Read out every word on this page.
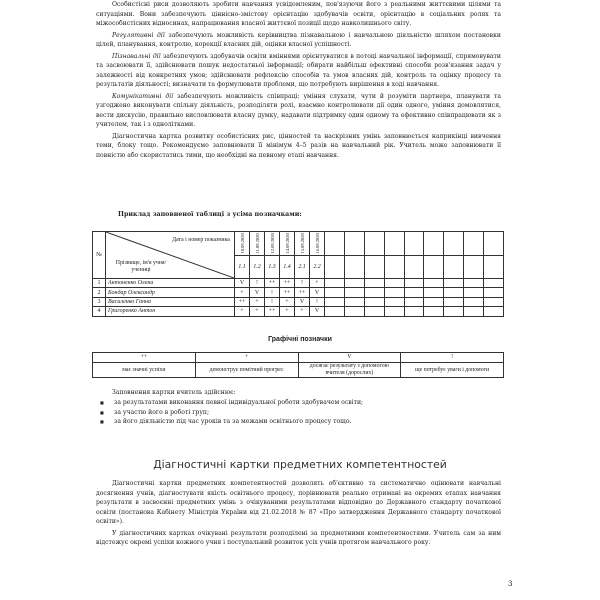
Особистісні риси дозволяють зробити навчання усвідомленим, пов'язуючи його з реальними життєвими цілями та ситуаціями. Вони забезпечують ціннісно-змістову орієнтацію здобувачів освіти, орієнтацію в соціальних ролях та міжособистісних відносинах, напрацювання власної життєвої позиції щодо навколишнього світу.

Регулятивні дії забезпечують можливість керівництва пізнавальною і навчальною діяльністю шляхом постановки цілей, планування, контролю, корекції власних дій, оцінки власної успішності.

Пізнавальні дії забезпечують здобувачів освіти вміннями орієнтуватися в потоці навчальної інформації, спрямовувати та засвоювати її, здійснювати пошук недостатньої інформації; обирати найбільш ефективні способи розв'язання задач у залежності від конкретних умов; здійснювати рефлексію способів та умов власних дій, контроль та оцінку процесу та результатів діяльності; визначати та формулювати проблеми, що потребують вирішення в ході навчання.

Комунікативні дії забезпечують можливість співпраці: уміння слухати, чути й розуміти партнера, планувати та узгоджено виконувати спільну діяльність, розподіляти ролі, взаємно контролювати дії один одного, уміння домовлятися, вести дискусію, правильно висловлювати власну думку, надавати підтримку один одному та ефективно співпрацювати як з учителем, так і з однолітками.

Діагностична картка розвитку особистісних рис, цінностей та наскрізних умінь заповнюється наприкінці вивчення теми, блоку тощо. Рекомендуємо заповнювати її мінімум 4–5 разів на навчальний рік. Учитель може заповнювати її повністю або скористатись тими, що необхідні на певному етапі навчання.

Приклад заповненої таблиці з усіма позначками:
№	Дата і номер показника
Прізвище, ім'я учня/учениці	10.09.2020	11.09.2020	12.09.2020	14.09.2020	15.09.2020	16.09.2020									
		1.1	1.2	1.3	1.4	2.1	2.2									
1	Антоненко Олена	V	!	++	++	!	+									
2	Бондар Олександр	+	V	!	++	++	V									
3	Василенко Ганна	++	+	!	+	V	!									
4	Григоренко Антон	+	+	++	+	+	V									
Графічні позначки
++	+	V	!
має значні успіхи	демонструє помітний прогрес	досягає результату з допомогою вчителя (дорослих)	ще потребує уваги і допомоги

Заповнення картки вчитель здійснює:

■ за результатами виконання певної індивідуальної роботи здобувачем освіти;
■ за участю його в роботі груп;
■ за його діяльністю під час уроків та за межами освітнього процесу тощо.
Діагностичні картки предметних компетентностей

Діагностичні картки предметних компетентностей дозволять об'єктивно та систематично оцінювати навчальні досягнення учнів, діагностувати якість освітнього процесу, порівнювати реально отримані на окремих етапах навчання результати в засвоєнні предметних умінь з очікуваними результатами відповідно до Державного стандарту початкової освіти (постанова Кабінету Міністрів України від 21.02.2018 № 87 «Про затвердження Державного стандарту початкової освіти»).

У діагностичних картках очікувані результати розподілені за предметними компетентностями. Учитель сам за ним відстежує окремі успіхи кожного учня і поступальний розвиток усіх учнів протягом навчального року.

3
